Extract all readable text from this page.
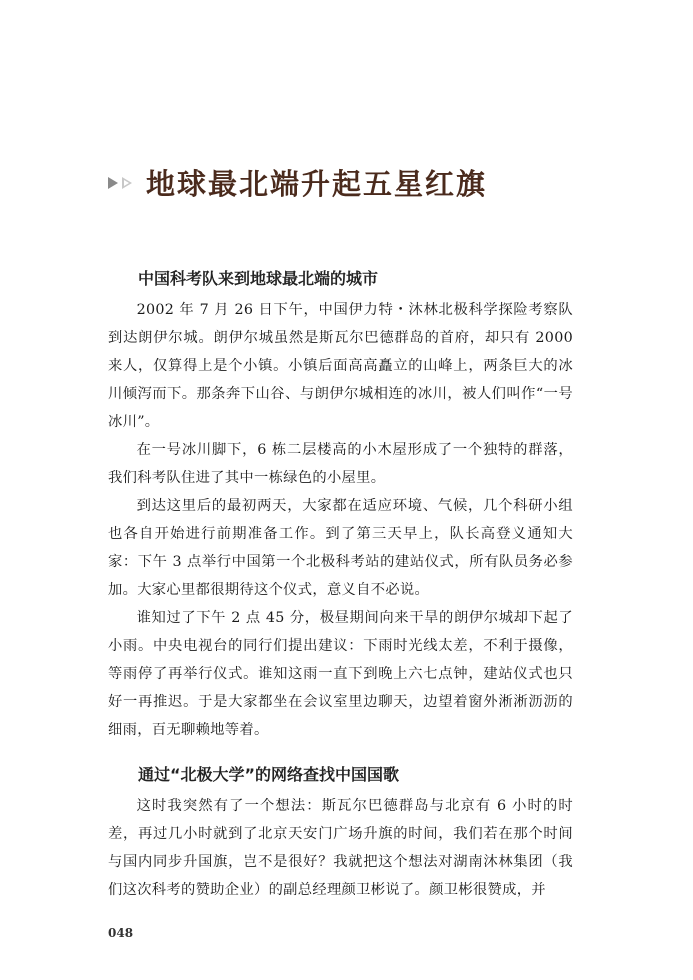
地球最北端升起五星红旗
中国科考队来到地球最北端的城市

2002 年 7 月 26 日下午，中国伊力特・沐林北极科学探险考察队到达朗伊尔城。朗伊尔城虽然是斯瓦尔巴德群岛的首府，却只有 2000 来人，仅算得上是个小镇。小镇后面高高矗立的山峰上，两条巨大的冰川倾泻而下。那条奔下山谷、与朗伊尔城相连的冰川，被人们叫作“一号冰川”。

在一号冰川脚下，6 栋二层楼高的小木屋形成了一个独特的群落，我们科考队住进了其中一栋绿色的小屋里。

到达这里后的最初两天，大家都在适应环境、气候，几个科研小组也各自开始进行前期准备工作。到了第三天早上，队长高登义通知大家：下午 3 点举行中国第一个北极科考站的建站仪式，所有队员务必参加。大家心里都很期待这个仪式，意义自不必说。

谁知过了下午 2 点 45 分，极昼期间向来干旱的朗伊尔城却下起了小雨。中央电视台的同行们提出建议：下雨时光线太差，不利于摄像，等雨停了再举行仪式。谁知这雨一直下到晚上六七点钟，建站仪式也只好一再推迟。于是大家都坐在会议室里边聊天，边望着窗外淅淅沥沥的细雨，百无聊赖地等着。

通过“北极大学”的网络查找中国国歌

这时我突然有了一个想法：斯瓦尔巴德群岛与北京有 6 小时的时差，再过几小时就到了北京天安门广场升旗的时间，我们若在那个时间与国内同步升国旗，岂不是很好？我就把这个想法对湖南沐林集团（我们这次科考的赞助企业）的副总经理颜卫彬说了。颜卫彬很赞成，并

048
